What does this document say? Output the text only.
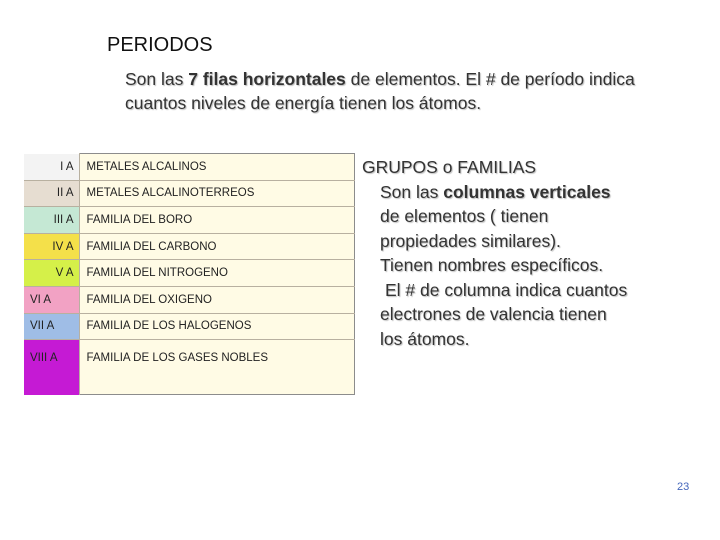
PERIODOS
Son las 7 filas horizontales de elementos. El # de período indica
cuantos niveles de energía tienen los átomos.
I A	METALES ALCALINOS
II A	METALES ALCALINOTERREOS
III A	FAMILIA DEL BORO
IV A	FAMILIA DEL CARBONO
V A	FAMILIA DEL NITROGENO
VI A	FAMILIA DEL OXIGENO
VII A	FAMILIA DE LOS HALOGENOS
VIII A	FAMILIA DE LOS GASES NOBLES
GRUPOS o FAMILIAS
Son las columnas verticales
de elementos ( tienen
propiedades similares).
Tienen nombres específicos.
El # de columna indica cuantos
electrones de valencia tienen
los átomos.
23
